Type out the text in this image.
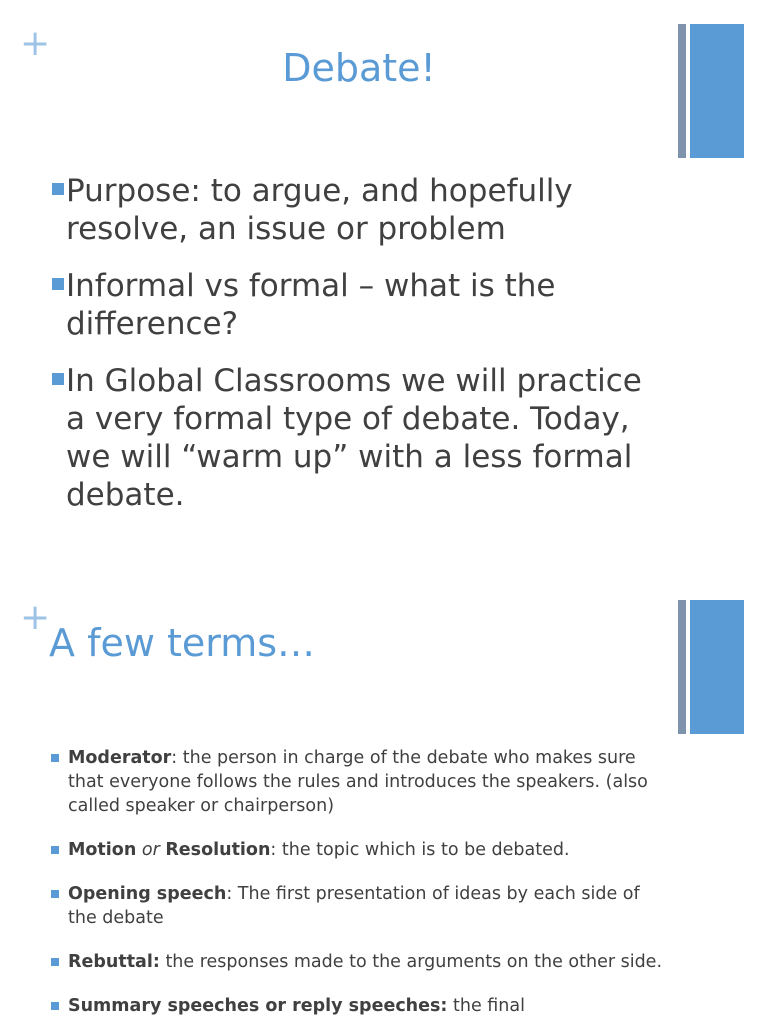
+
Debate!
Purpose: to argue, and hopefully resolve, an issue or problem
Informal vs formal – what is the difference?
In Global Classrooms we will practice a very formal type of debate. Today, we will “warm up” with a less formal debate.
+
A few terms…
Moderator: the person in charge of the debate who makes sure that everyone follows the rules and introduces the speakers. (also called speaker or chairperson)
Motion or Resolution: the topic which is to be debated.
Opening speech: The first presentation of ideas by each side of the debate
Rebuttal: the responses made to the arguments on the other side.
Summary speeches or reply speeches: the final
